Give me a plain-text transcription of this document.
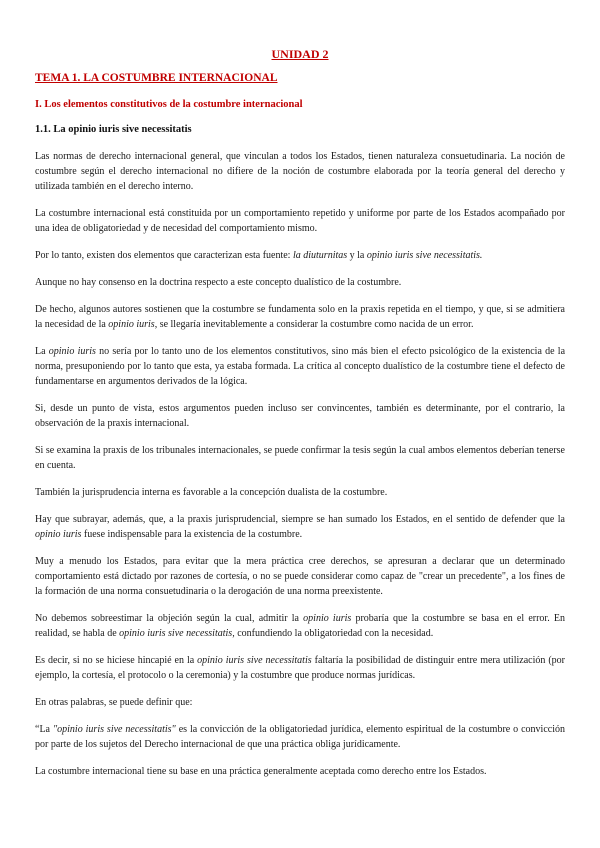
UNIDAD 2
TEMA 1. LA COSTUMBRE INTERNACIONAL
I. Los elementos constitutivos de la costumbre internacional
1.1. La opinio iuris sive necessitatis

Las normas de derecho internacional general, que vinculan a todos los Estados, tienen naturaleza consuetudinaria. La noción de costumbre según el derecho internacional no difiere de la noción de costumbre elaborada por la teoría general del derecho y utilizada también en el derecho interno.

La costumbre internacional está constituida por un comportamiento repetido y uniforme por parte de los Estados acompañado por una idea de obligatoriedad y de necesidad del comportamiento mismo.

Por lo tanto, existen dos elementos que caracterizan esta fuente: la diuturnitas y la opinio iuris sive necessitatis.

Aunque no hay consenso en la doctrina respecto a este concepto dualístico de la costumbre.

De hecho, algunos autores sostienen que la costumbre se fundamenta solo en la praxis repetida en el tiempo, y que, si se admitiera la necesidad de la opinio iuris, se llegaría inevitablemente a considerar la costumbre como nacida de un error.

La opinio iuris no sería por lo tanto uno de los elementos constitutivos, sino más bien el efecto psicológico de la existencia de la norma, presuponiendo por lo tanto que esta, ya estaba formada. La crítica al concepto dualístico de la costumbre tiene el defecto de fundamentarse en argumentos derivados de la lógica.

Si, desde un punto de vista, estos argumentos pueden incluso ser convincentes, también es determinante, por el contrario, la observación de la praxis internacional.

Si se examina la praxis de los tribunales internacionales, se puede confirmar la tesis según la cual ambos elementos deberían tenerse en cuenta.

También la jurisprudencia interna es favorable a la concepción dualista de la costumbre.

Hay que subrayar, además, que, a la praxis jurisprudencial, siempre se han sumado los Estados, en el sentido de defender que la opinio iuris fuese indispensable para la existencia de la costumbre.

Muy a menudo los Estados, para evitar que la mera práctica cree derechos, se apresuran a declarar que un determinado comportamiento está dictado por razones de cortesía, o no se puede considerar como capaz de "crear un precedente", a los fines de la formación de una norma consuetudinaria o la derogación de una norma preexistente.

No debemos sobreestimar la objeción según la cual, admitir la opinio iuris probaría que la costumbre se basa en el error. En realidad, se habla de opinio iuris sive necessitatis, confundiendo la obligatoriedad con la necesidad.

Es decir, si no se hiciese hincapié en la opinio iuris sive necessitatis faltaría la posibilidad de distinguir entre mera utilización (por ejemplo, la cortesía, el protocolo o la ceremonia) y la costumbre que produce normas jurídicas.

En otras palabras, se puede definir que:

“La "opinio iuris sive necessitatis" es la convicción de la obligatoriedad jurídica, elemento espiritual de la costumbre o convicción por parte de los sujetos del Derecho internacional de que una práctica obliga jurídicamente.

La costumbre internacional tiene su base en una práctica generalmente aceptada como derecho entre los Estados.
